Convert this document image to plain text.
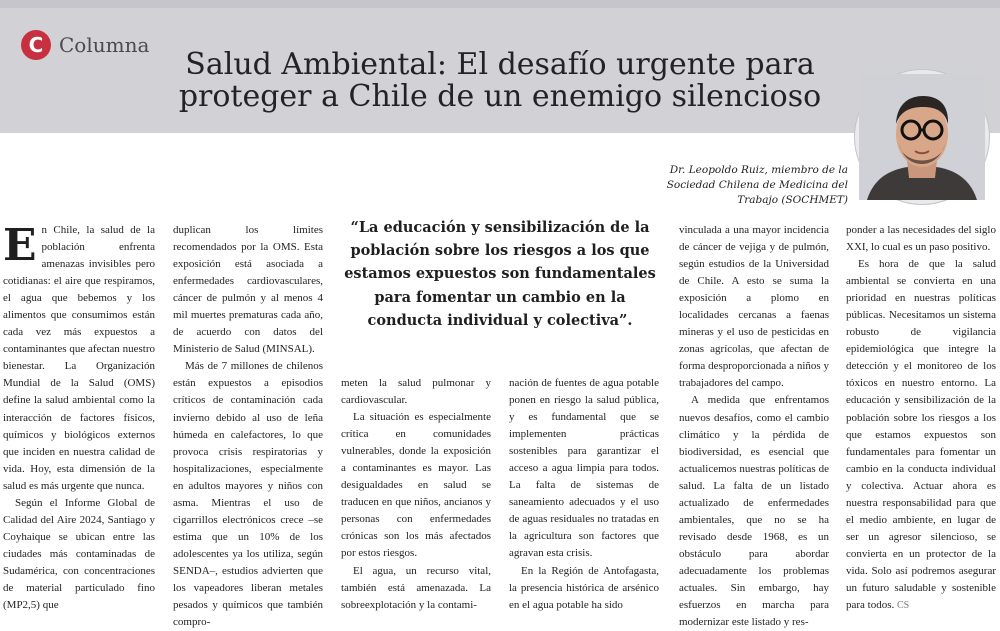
C Columna
Salud Ambiental: El desafío urgente para
proteger a Chile de un enemigo silencioso
Dr. Leopoldo Ruiz, miembro de la
Sociedad Chilena de Medicina del
Trabajo (SOCHMET)

En Chile, la salud de la población enfrenta amenazas invisibles pero cotidianas: el aire que respiramos, el agua que bebemos y los alimentos que consumimos están cada vez más expuestos a contaminantes que afectan nuestro bienestar. La Organización Mundial de la Salud (OMS) define la salud ambiental como la interacción de factores físicos, químicos y biológicos externos que inciden en nuestra calidad de vida. Hoy, esta dimensión de la salud es más urgente que nunca.

Según el Informe Global de Calidad del Aire 2024, Santiago y Coyhaique se ubican entre las ciudades más contaminadas de Sudamérica, con concentraciones de material particulado fino (MP2,5) que

duplican los límites recomendados por la OMS. Esta exposición está asociada a enfermedades cardiovasculares, cáncer de pulmón y al menos 4 mil muertes prematuras cada año, de acuerdo con datos del Ministerio de Salud (MINSAL).

Más de 7 millones de chilenos están expuestos a episodios críticos de contaminación cada invierno debido al uso de leña húmeda en calefactores, lo que provoca crisis respiratorias y hospitalizaciones, especialmente en adultos mayores y niños con asma. Mientras el uso de cigarrillos electrónicos crece –se estima que un 10% de los adolescentes ya los utiliza, según SENDA–, estudios advierten que los vapeadores liberan metales pesados y químicos que también compro-

“La educación y sensibilización de la población sobre los riesgos a los que estamos expuestos son fundamentales para fomentar un cambio en la conducta individual y colectiva”.

meten la salud pulmonar y cardiovascular.

La situación es especialmente crítica en comunidades vulnerables, donde la exposición a contaminantes es mayor. Las desigualdades en salud se traducen en que niños, ancianos y personas con enfermedades crónicas son los más afectados por estos riesgos.

El agua, un recurso vital, también está amenazada. La sobreexplotación y la contami-

nación de fuentes de agua potable ponen en riesgo la salud pública, y es fundamental que se implementen prácticas sostenibles para garantizar el acceso a agua limpia para todos. La falta de sistemas de saneamiento adecuados y el uso de aguas residuales no tratadas en la agricultura son factores que agravan esta crisis.

En la Región de Antofagasta, la presencia histórica de arsénico en el agua potable ha sido

vinculada a una mayor incidencia de cáncer de vejiga y de pulmón, según estudios de la Universidad de Chile. A esto se suma la exposición a plomo en localidades cercanas a faenas mineras y el uso de pesticidas en zonas agrícolas, que afectan de forma desproporcionada a niños y trabajadores del campo.

A medida que enfrentamos nuevos desafíos, como el cambio climático y la pérdida de biodiversidad, es esencial que actualicemos nuestras políticas de salud. La falta de un listado actualizado de enfermedades ambientales, que no se ha revisado desde 1968, es un obstáculo para abordar adecuadamente los problemas actuales. Sin embargo, hay esfuerzos en marcha para modernizar este listado y res-

ponder a las necesidades del siglo XXI, lo cual es un paso positivo.

Es hora de que la salud ambiental se convierta en una prioridad en nuestras políticas públicas. Necesitamos un sistema robusto de vigilancia epidemiológica que integre la detección y el monitoreo de los tóxicos en nuestro entorno. La educación y sensibilización de la población sobre los riesgos a los que estamos expuestos son fundamentales para fomentar un cambio en la conducta individual y colectiva. Actuar ahora es nuestra responsabilidad para que el medio ambiente, en lugar de ser un agresor silencioso, se convierta en un protector de la vida. Solo así podremos asegurar un futuro saludable y sostenible para todos. CS
